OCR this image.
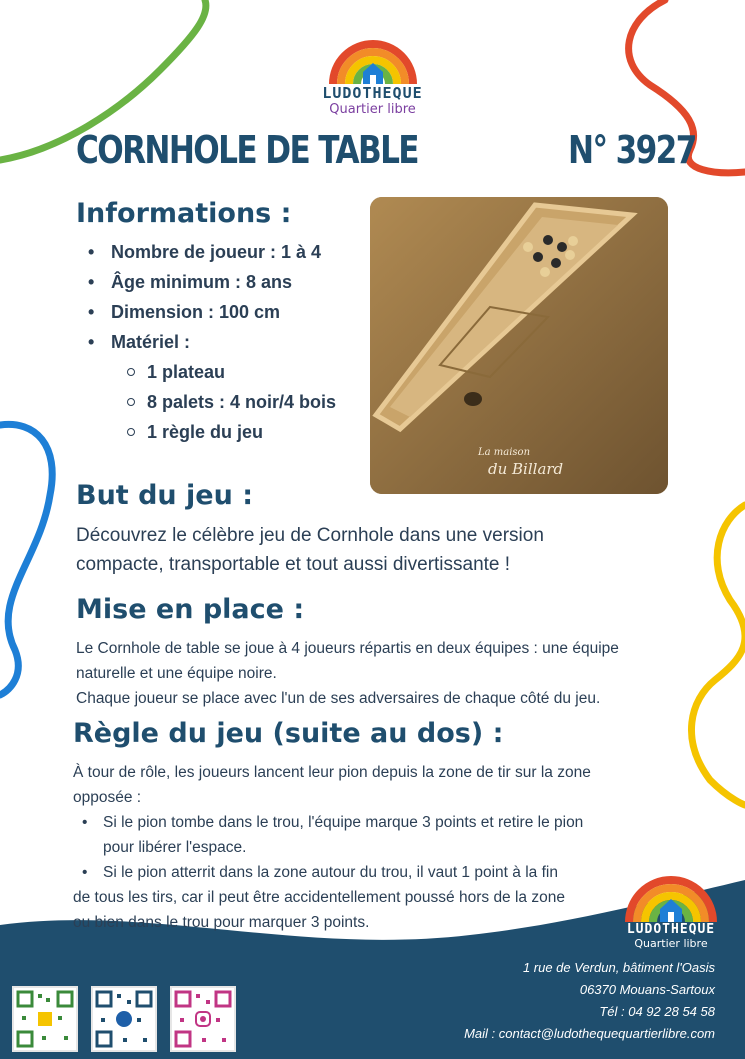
LUDOTHEQUE
Quartier libre
CORNHOLE DE TABLE	N° 3927
Informations :
• Nombre de joueur : 1 à 4
• Âge minimum : 8 ans
• Dimension : 100 cm
• Matériel :
1 plateau
8 palets : 4 noir/4 bois
1 règle du jeu
La maison
du Billard
But du jeu :
Découvrez le célèbre jeu de Cornhole dans une version
compacte, transportable et tout aussi divertissante !
Mise en place :
Le Cornhole de table se joue à 4 joueurs répartis en deux équipes : une équipe
naturelle et une équipe noire.
Chaque joueur se place avec l'un de ses adversaires de chaque côté du jeu.
Règle du jeu (suite au dos) :
À tour de rôle, les joueurs lancent leur pion depuis la zone de tir sur la zone
opposée :
• Si le pion tombe dans le trou, l'équipe marque 3 points et retire le pion
pour libérer l'espace.
• Si le pion atterrit dans la zone autour du trou, il vaut 1 point à la fin
de tous les tirs, car il peut être accidentellement poussé hors de la zone
ou bien dans le trou pour marquer 3 points.	LUDOTHEQUE
Quartier libre
1 rue de Verdun, bâtiment l'Oasis
06370 Mouans-Sartoux
Tél : 04 92 28 54 58
Mail : contact@ludothequequartierlibre.com
